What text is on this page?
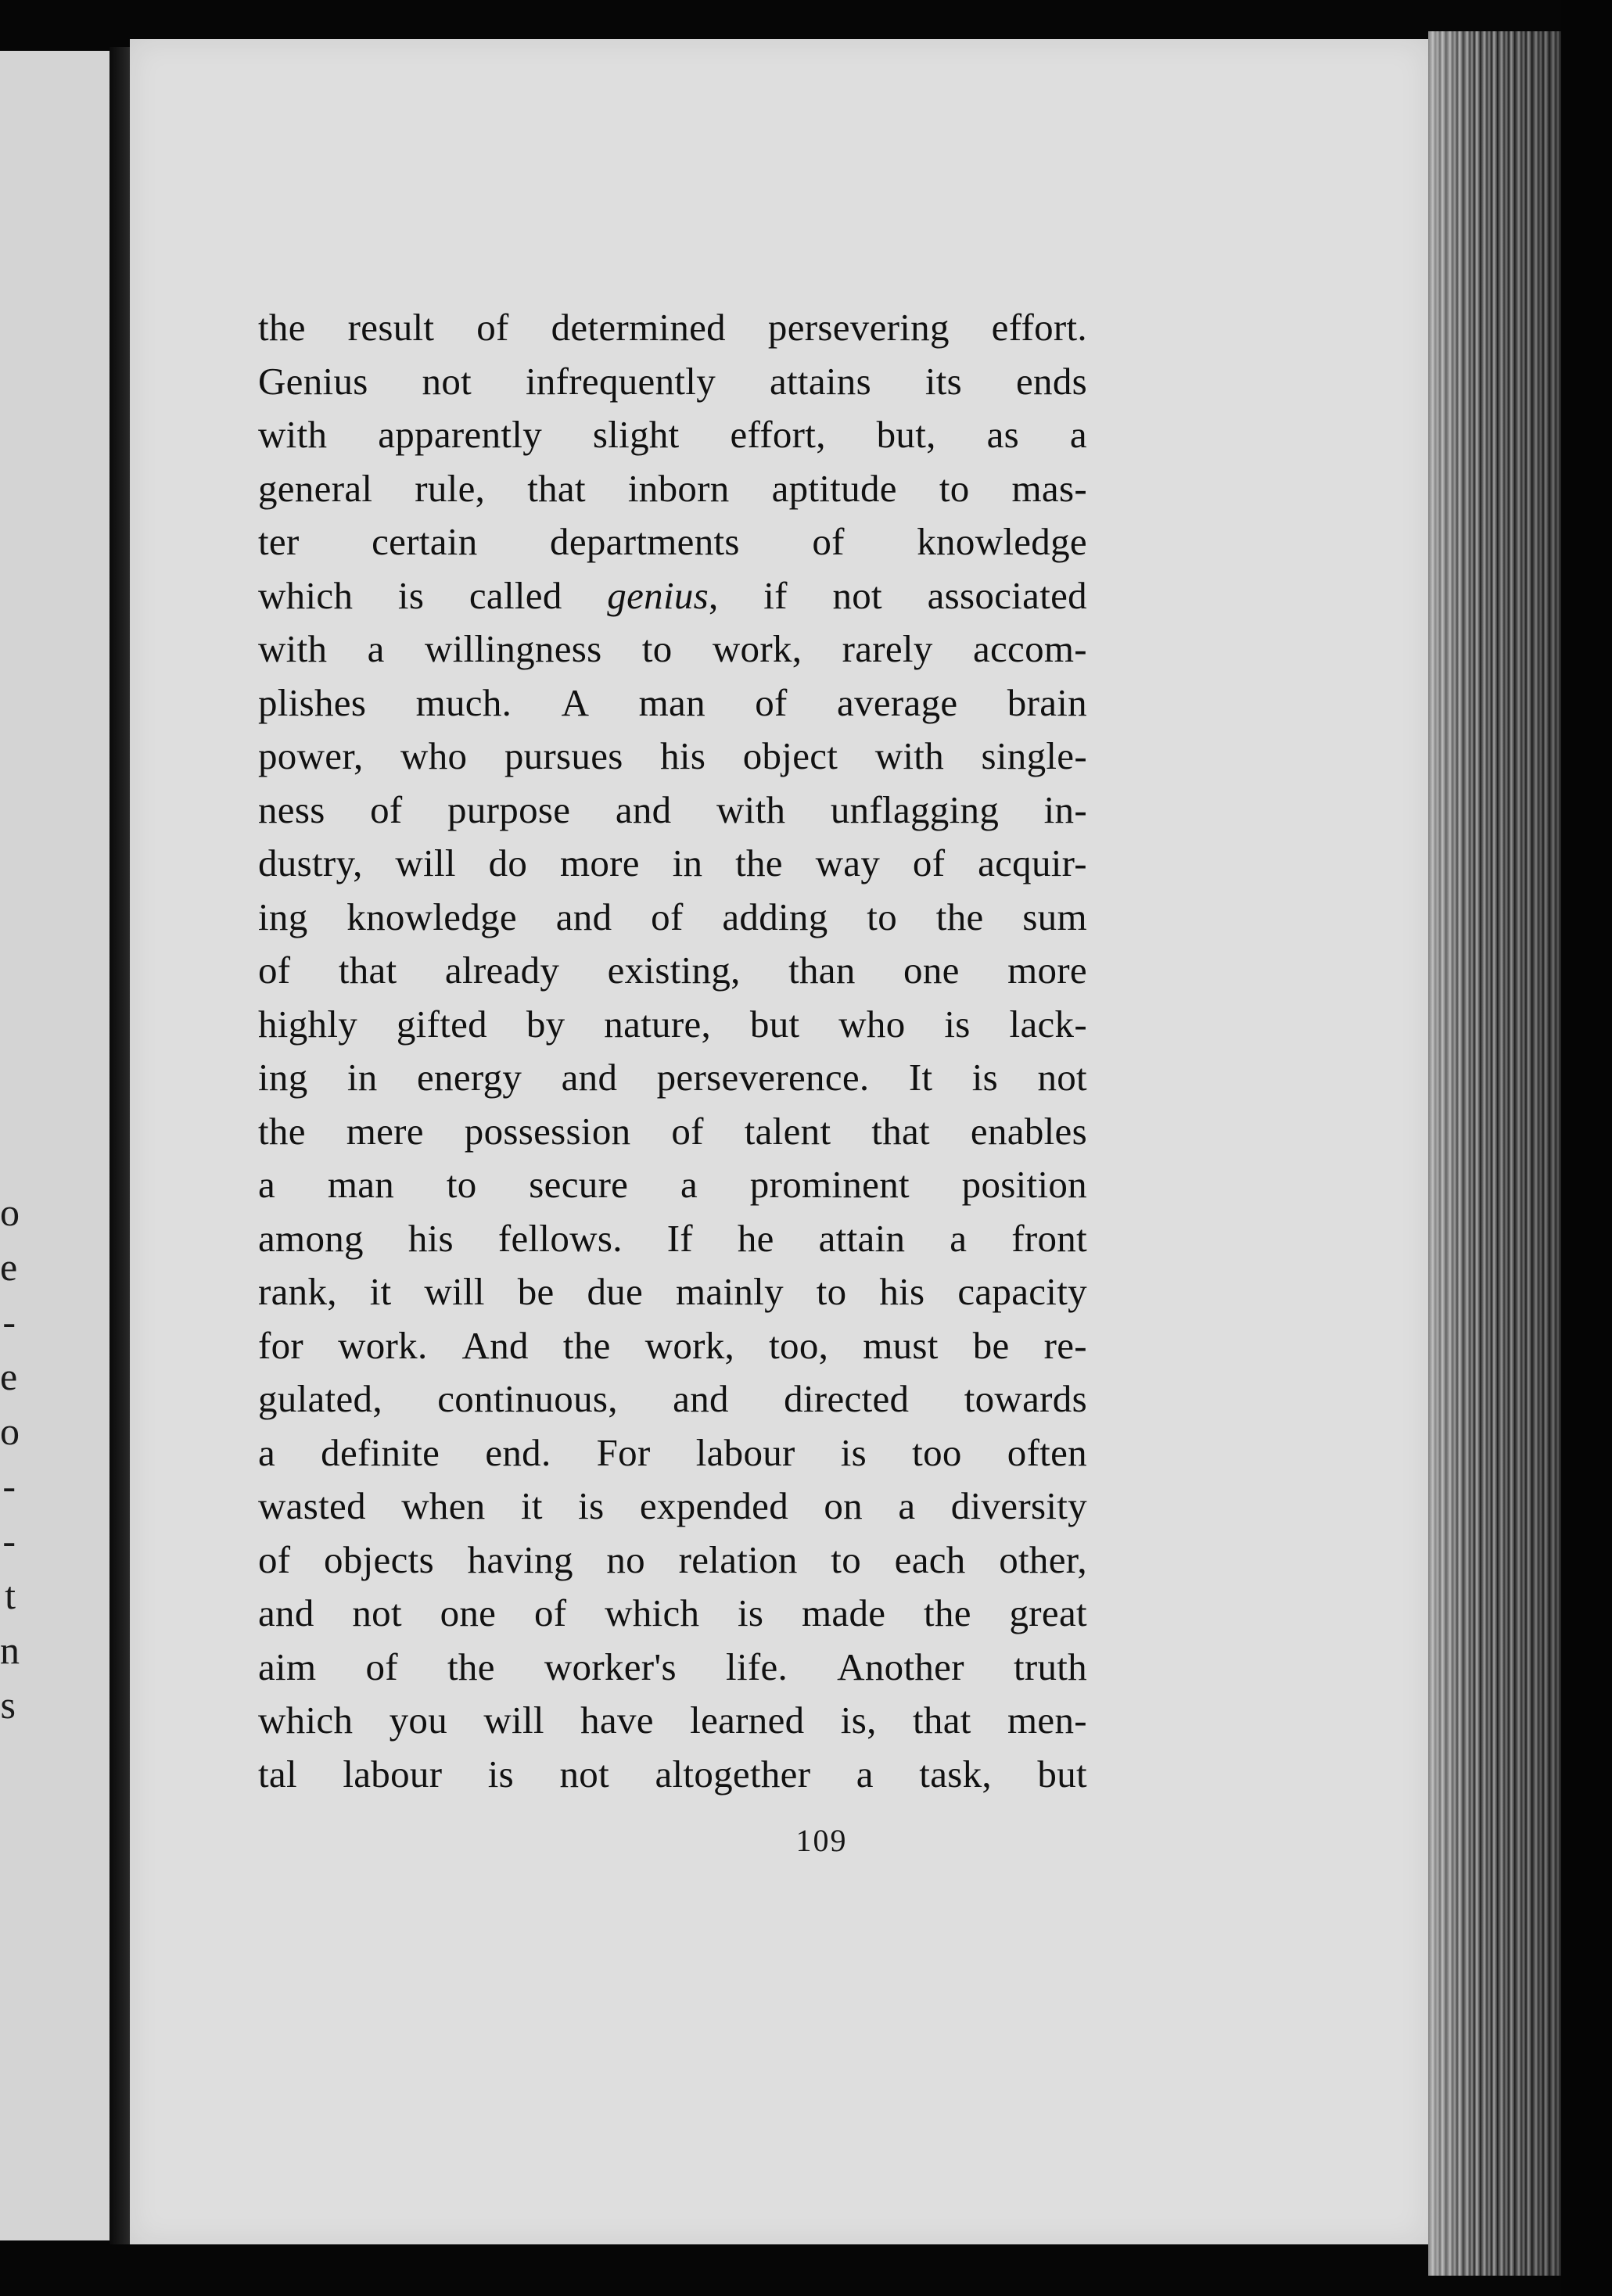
o
e
-
e
o
-
-
t
n
s
the result of determined persevering effort.
Genius not infrequently attains its ends
with apparently slight effort, but, as a
general rule, that inborn aptitude to mas-
ter certain departments of knowledge
which is called genius, if not associated
with a willingness to work, rarely accom-
plishes much. A man of average brain
power, who pursues his object with single-
ness of purpose and with unflagging in-
dustry, will do more in the way of acquir-
ing knowledge and of adding to the sum
of that already existing, than one more
highly gifted by nature, but who is lack-
ing in energy and perseverence. It is not
the mere possession of talent that enables
a man to secure a prominent position
among his fellows. If he attain a front
rank, it will be due mainly to his capacity
for work. And the work, too, must be re-
gulated, continuous, and directed towards
a definite end. For labour is too often
wasted when it is expended on a diversity
of objects having no relation to each other,
and not one of which is made the great
aim of the worker's life. Another truth
which you will have learned is, that men-
tal labour is not altogether a task, but
109
